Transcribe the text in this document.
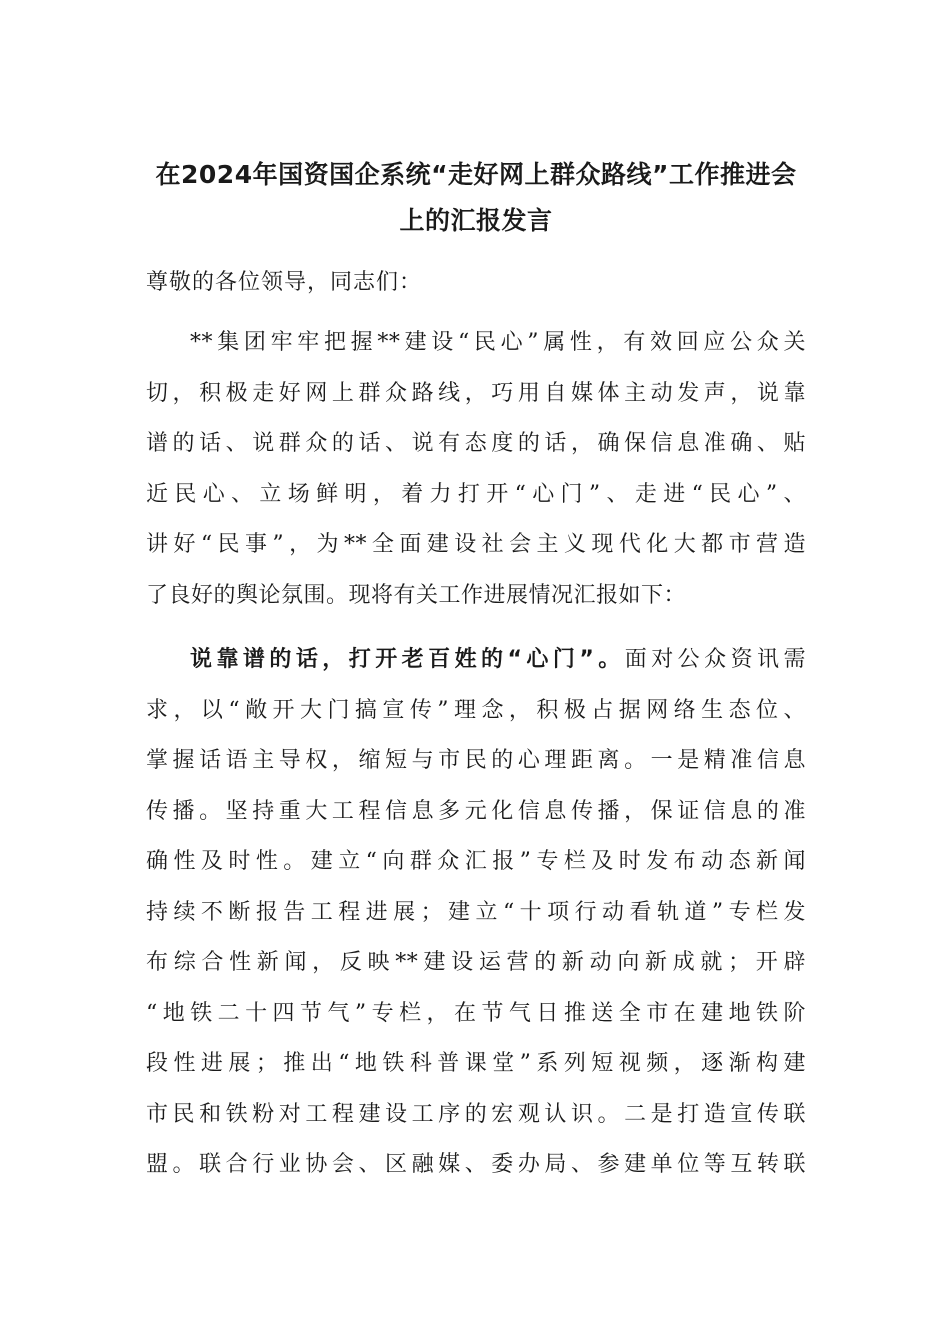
在2024年国资国企系统“走好网上群众路线”工作推进会
上的汇报发言

尊敬的各位领导，同志们：

**集团牢牢把握**建设“民心”属性，有效回应公众关
切，积极走好网上群众路线，巧用自媒体主动发声，说靠
谱的话、说群众的话、说有态度的话，确保信息准确、贴
近民心、立场鲜明，着力打开“心门”、走进“民心”、
讲好“民事”，为**全面建设社会主义现代化大都市营造
了良好的舆论氛围。现将有关工作进展情况汇报如下：
说靠谱的话，打开老百姓的“心门”。面对公众资讯需
求，以“敞开大门搞宣传”理念，积极占据网络生态位、
掌握话语主导权，缩短与市民的心理距离。一是精准信息
传播。坚持重大工程信息多元化信息传播，保证信息的准
确性及时性。建立“向群众汇报”专栏及时发布动态新闻
持续不断报告工程进展；建立“十项行动看轨道”专栏发
布综合性新闻，反映**建设运营的新动向新成就；开辟
“地铁二十四节气”专栏，在节气日推送全市在建地铁阶
段性进展；推出“地铁科普课堂”系列短视频，逐渐构建
市民和铁粉对工程建设工序的宏观认识。二是打造宣传联
盟。联合行业协会、区融媒、委办局、参建单位等互转联
